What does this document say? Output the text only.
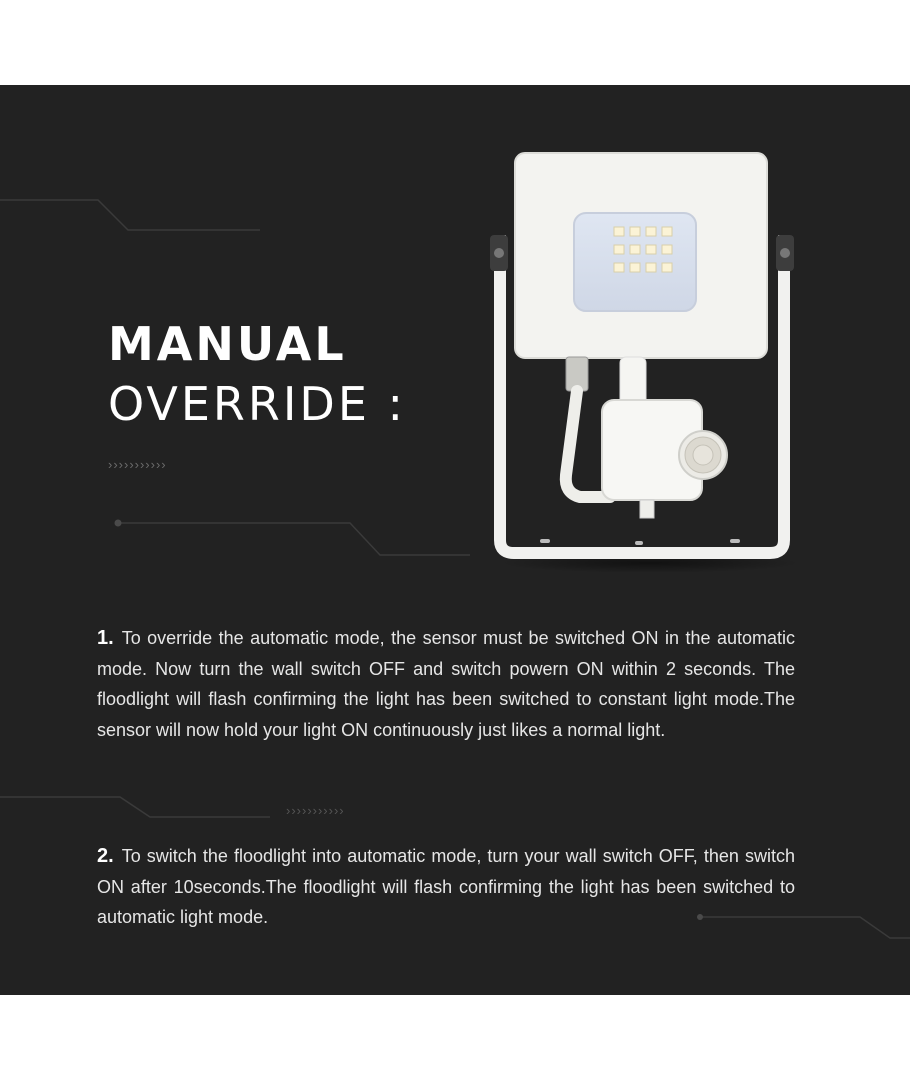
MANUAL
OVERRIDE :
›››››››››››

1. To override the automatic mode, the sensor must be switched ON in the automatic mode. Now turn the wall switch OFF and switch powern ON within 2 seconds. The floodlight will flash confirming the light has been switched to constant light mode.The sensor will now hold your light ON continuously just likes a normal light.

›››››››››››

2. To switch the floodlight into automatic mode, turn your wall switch OFF, then switch ON after 10seconds.The floodlight will flash confirming the light has been switched to automatic light mode.
